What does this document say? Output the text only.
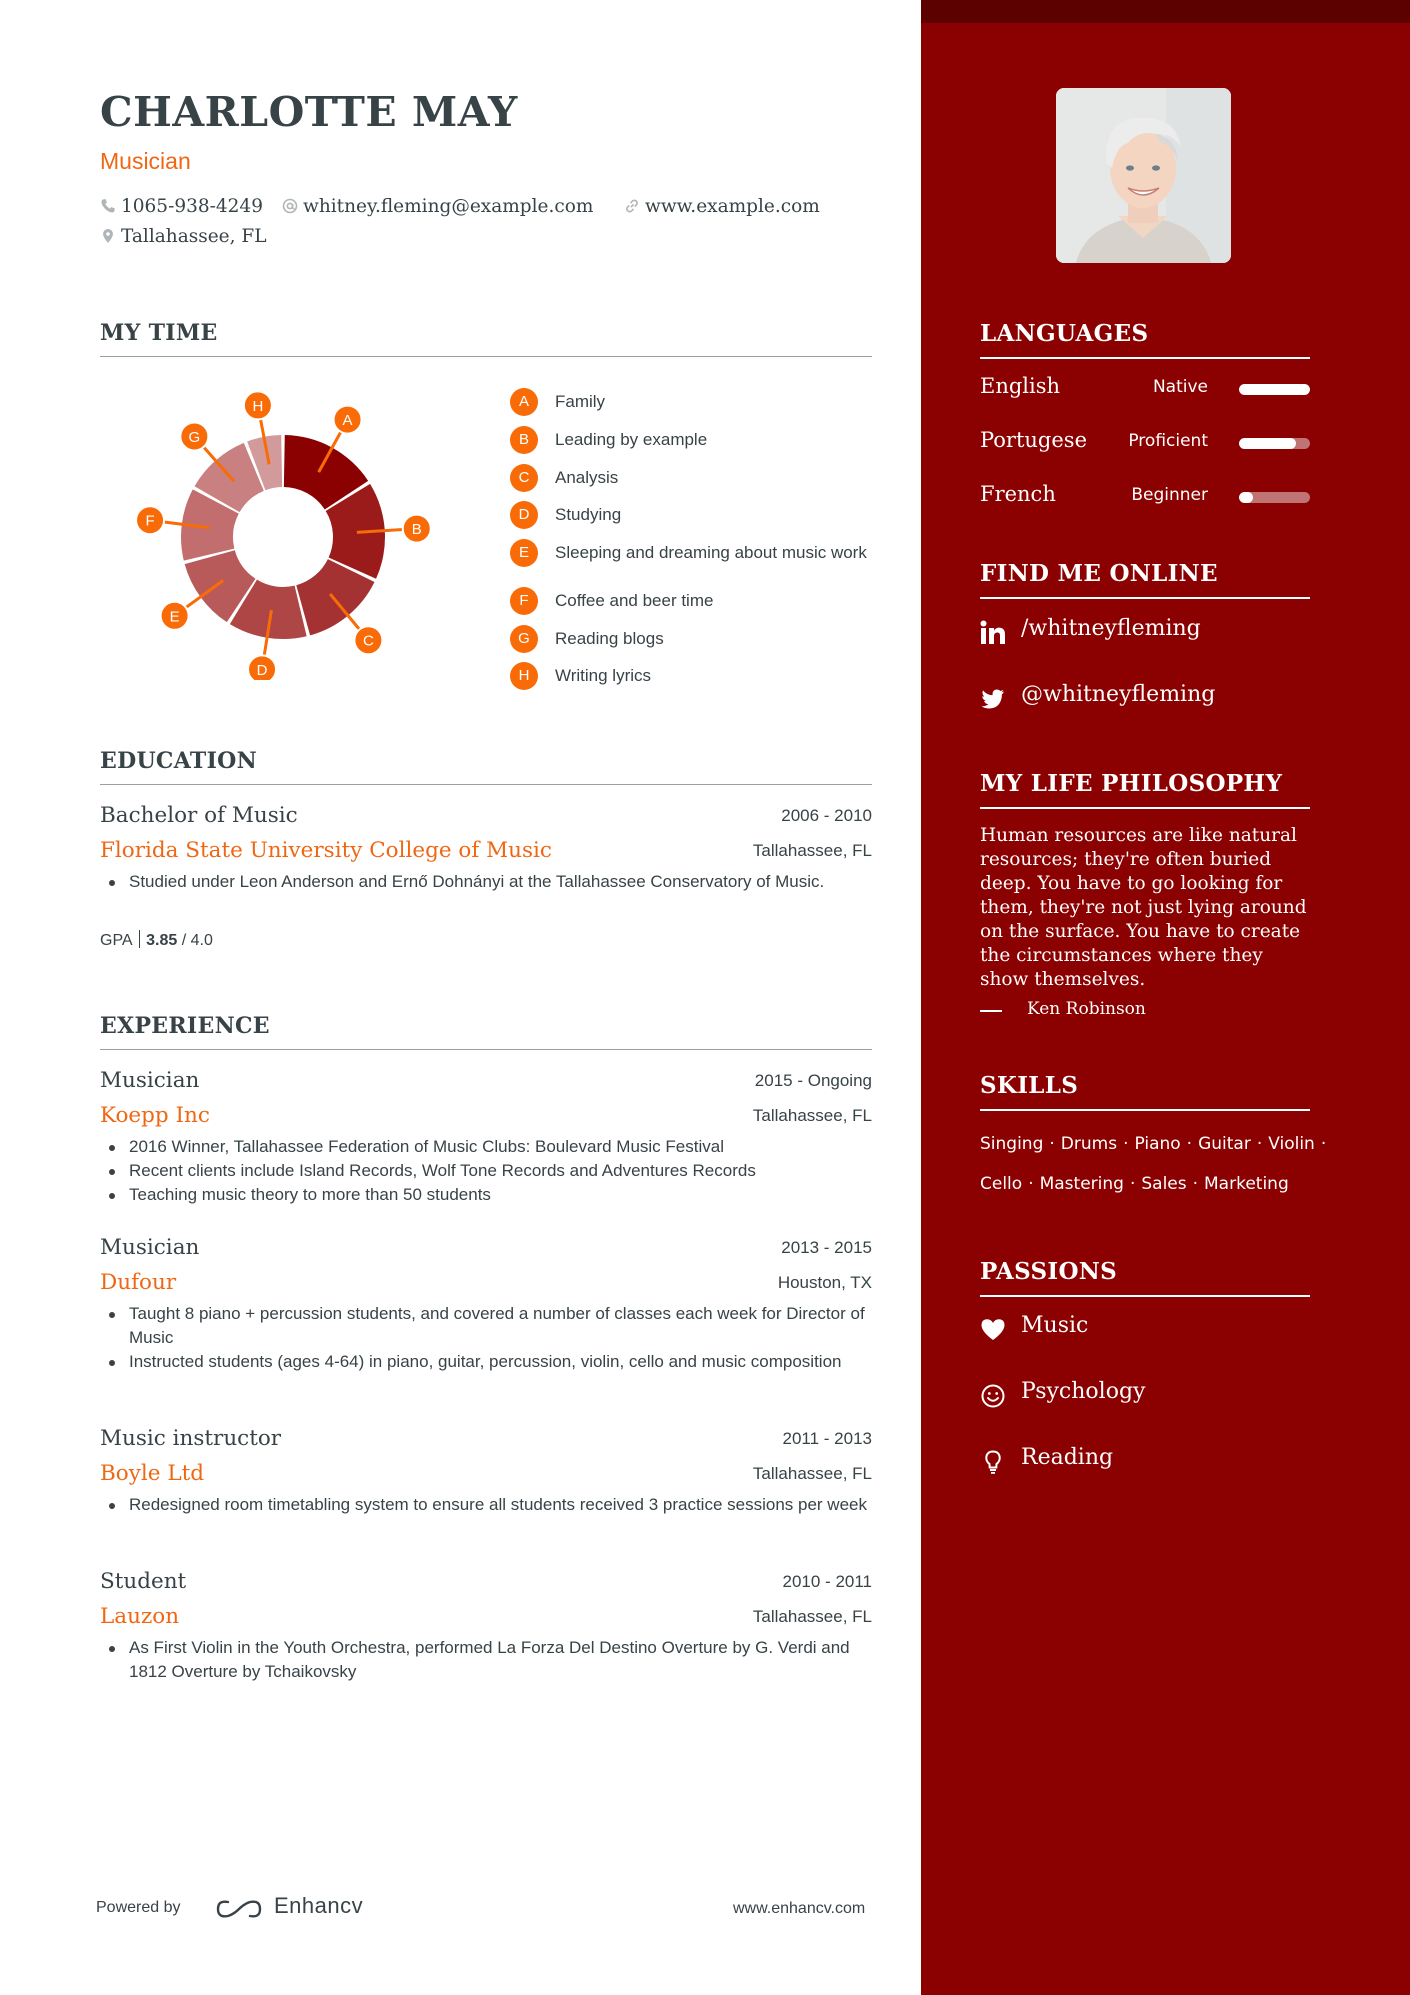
CHARLOTTE MAY
Musician
1065-938-4249	whitney.fleming@example.com	www.example.com
Tallahassee, FL
MY TIME
A
B
C
D
E
F
G
H	A	Family
B	Leading by example
C	Analysis
D	Studying
E	Sleeping and dreaming about music work
F	Coffee and beer time
G	Reading blogs
H	Writing lyrics
EDUCATION
Bachelor of Music	2006 - 2010
Florida State University College of Music	Tallahassee, FL
Studied under Leon Anderson and Ernő Dohnányi at the Tallahassee Conservatory of Music.
GPA 3.85 / 4.0
EXPERIENCE
Musician	2015 - Ongoing
Koepp Inc	Tallahassee, FL
2016 Winner, Tallahassee Federation of Music Clubs: Boulevard Music Festival
Recent clients include Island Records, Wolf Tone Records and Adventures Records
Teaching music theory to more than 50 students
Musician	2013 - 2015
Dufour	Houston, TX
Taught 8 piano + percussion students, and covered a number of classes each week for Director of Music
Instructed students (ages 4-64) in piano, guitar, percussion, violin, cello and music composition
Music instructor	2011 - 2013
Boyle Ltd	Tallahassee, FL
Redesigned room timetabling system to ensure all students received 3 practice sessions per week
Student	2010 - 2011
Lauzon	Tallahassee, FL
As First Violin in the Youth Orchestra, performed La Forza Del Destino Overture by G. Verdi and 1812 Overture by Tchaikovsky
Powered by	Enhancv	www.enhancv.com
LANGUAGES
English	Native
Portugese Proficient
French	Beginner
FIND ME ONLINE
/whitneyfleming
@whitneyfleming
MY LIFE PHILOSOPHY
Human resources are like natural resources; they're often buried deep. You have to go looking for them, they're not just lying around on the surface. You have to create the circumstances where they show themselves.
Ken Robinson
SKILLS
Singing · Drums · Piano · Guitar · Violin ·
Cello · Mastering · Sales · Marketing
PASSIONS
Music
Psychology
Reading
